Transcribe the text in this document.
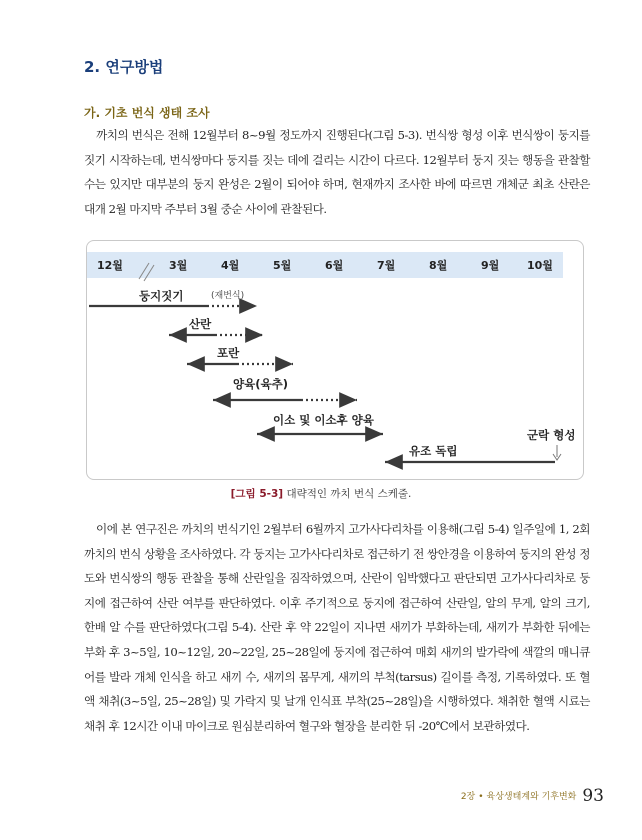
2. 연구방법
가. 기초 번식 생태 조사

까치의 번식은 전해 12월부터 8~9월 정도까지 진행된다(그림 5-3). 번식쌍 형성 이후 번식쌍이 둥지를 짓기 시작하는데, 번식쌍마다 둥지를 짓는 데에 걸리는 시간이 다르다. 12월부터 둥지 짓는 행동을 관찰할 수는 있지만 대부분의 둥지 완성은 2월이 되어야 하며, 현재까지 조사한 바에 따르면 개체군 최초 산란은 대개 2월 마지막 주부터 3월 중순 사이에 관찰된다.

12월	3월	4월	5월	6월	7월	8월	9월	10월
둥지짓기	(재번식)
산란
포란
양육(육추)
이소 및 이소후 양육
군락 형성
유조 독립
[그림 5-3] 대략적인 까치 번식 스케줄.

이에 본 연구진은 까치의 번식기인 2월부터 6월까지 고가사다리차를 이용해(그림 5-4) 일주일에 1, 2회 까치의 번식 상황을 조사하였다. 각 둥지는 고가사다리차로 접근하기 전 쌍안경을 이용하여 둥지의 완성 정도와 번식쌍의 행동 관찰을 통해 산란일을 짐작하였으며, 산란이 임박했다고 판단되면 고가사다리차로 둥지에 접근하여 산란 여부를 판단하였다. 이후 주기적으로 둥지에 접근하여 산란일, 알의 무게, 알의 크기, 한배 알 수를 판단하였다(그림 5-4). 산란 후 약 22일이 지나면 새끼가 부화하는데, 새끼가 부화한 뒤에는 부화 후 3~5일, 10~12일, 20~22일, 25~28일에 둥지에 접근하여 매회 새끼의 발가락에 색깔의 매니큐어를 발라 개체 인식을 하고 새끼 수, 새끼의 몸무게, 새끼의 부척(tarsus) 길이를 측정, 기록하였다. 또 혈액 채취(3~5일, 25~28일) 및 가락지 및 날개 인식표 부착(25~28일)을 시행하였다. 채취한 혈액 시료는 채취 후 12시간 이내 마이크로 원심분리하여 혈구와 혈장을 분리한 뒤 -20℃에서 보관하였다.

2장 • 육상생태계와 기후변화 93
